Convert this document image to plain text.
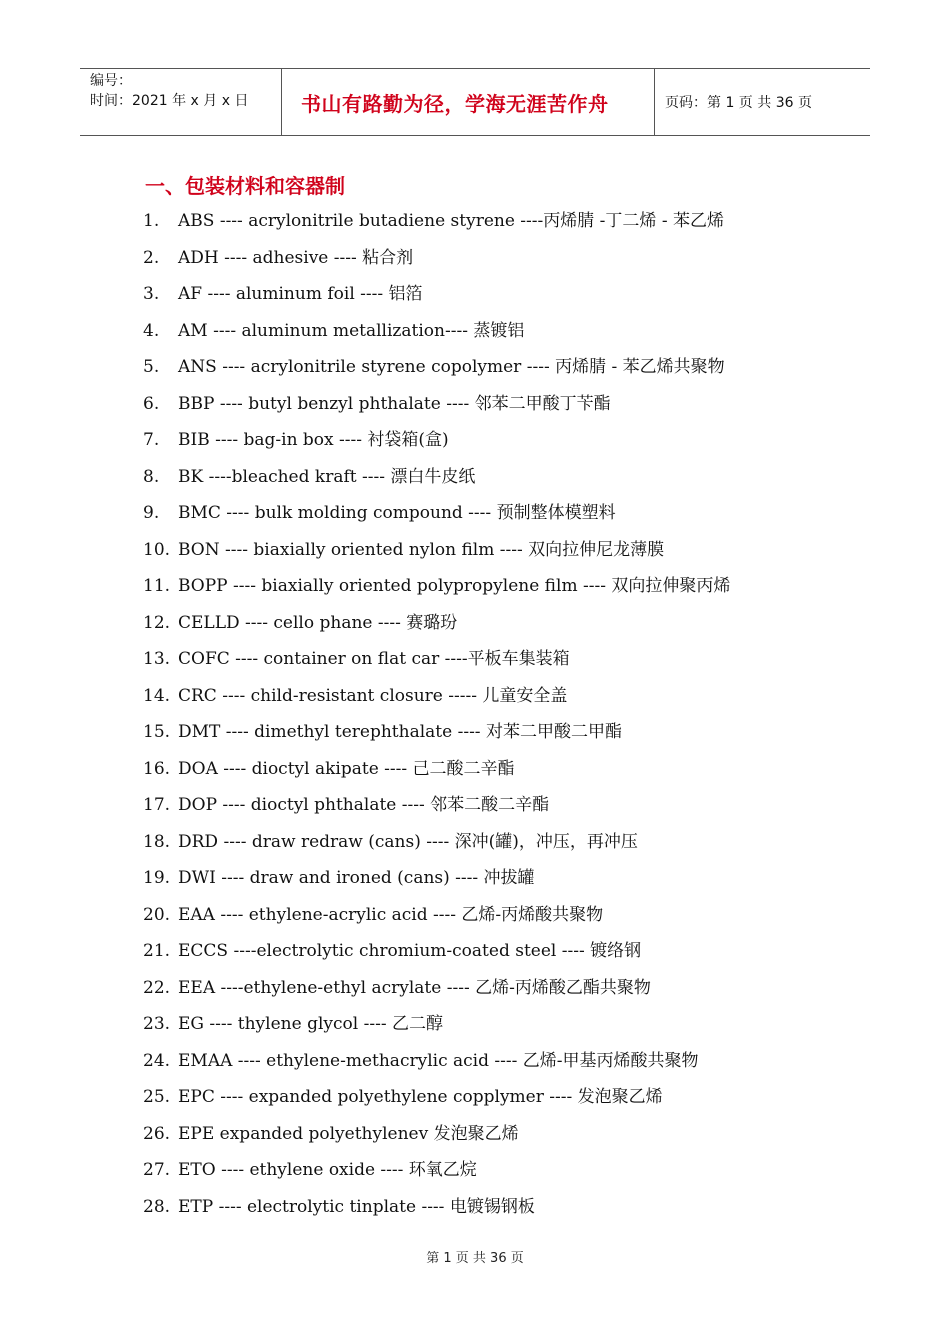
编号：
时间：2021 年 x 月 x 日	书山有路勤为径，学海无涯苦作舟	页码：第 1 页 共 36 页
一、包装材料和容器制
1.	ABS ---- acrylonitrile butadiene styrene ----丙烯腈 -丁二烯 - 苯乙烯
2.	ADH ---- adhesive ---- 粘合剂
3.	AF ---- aluminum foil ---- 铝箔
4.	AM ---- aluminum metallization---- 蒸镀铝
5.	ANS ---- acrylonitrile styrene copolymer ---- 丙烯腈 - 苯乙烯共聚物
6.	BBP ---- butyl benzyl phthalate ---- 邻苯二甲酸丁苄酯
7.	BIB ---- bag-in box ---- 衬袋箱(盒)
8.	BK ----bleached kraft ---- 漂白牛皮纸
9.	BMC ---- bulk molding compound ---- 预制整体模塑料
10. BON ---- biaxially oriented nylon film ---- 双向拉伸尼龙薄膜
11. BOPP ---- biaxially oriented polypropylene film ---- 双向拉伸聚丙烯
12. CELLD ---- cello phane ---- 赛璐玢
13. COFC ---- container on flat car ----平板车集装箱
14. CRC ---- child-resistant closure ----- 儿童安全盖
15. DMT ---- dimethyl terephthalate ---- 对苯二甲酸二甲酯
16. DOA ---- dioctyl akipate ---- 己二酸二辛酯
17. DOP ---- dioctyl phthalate ---- 邻苯二酸二辛酯
18. DRD ---- draw redraw (cans) ---- 深冲(罐)，冲压，再冲压
19. DWI ---- draw and ironed (cans) ---- 冲拔罐
20. EAA ---- ethylene-acrylic acid ---- 乙烯-丙烯酸共聚物
21. ECCS ----electrolytic chromium-coated steel ---- 镀络钢
22. EEA ----ethylene-ethyl acrylate ---- 乙烯-丙烯酸乙酯共聚物
23. EG ---- thylene glycol ---- 乙二醇
24. EMAA ---- ethylene-methacrylic acid ---- 乙烯-甲基丙烯酸共聚物
25. EPC ---- expanded polyethylene copplymer ---- 发泡聚乙烯
26. EPE expanded polyethylenev 发泡聚乙烯
27. ETO ---- ethylene oxide ---- 环氧乙烷
28. ETP ---- electrolytic tinplate ---- 电镀锡钢板
第 1 页 共 36 页
